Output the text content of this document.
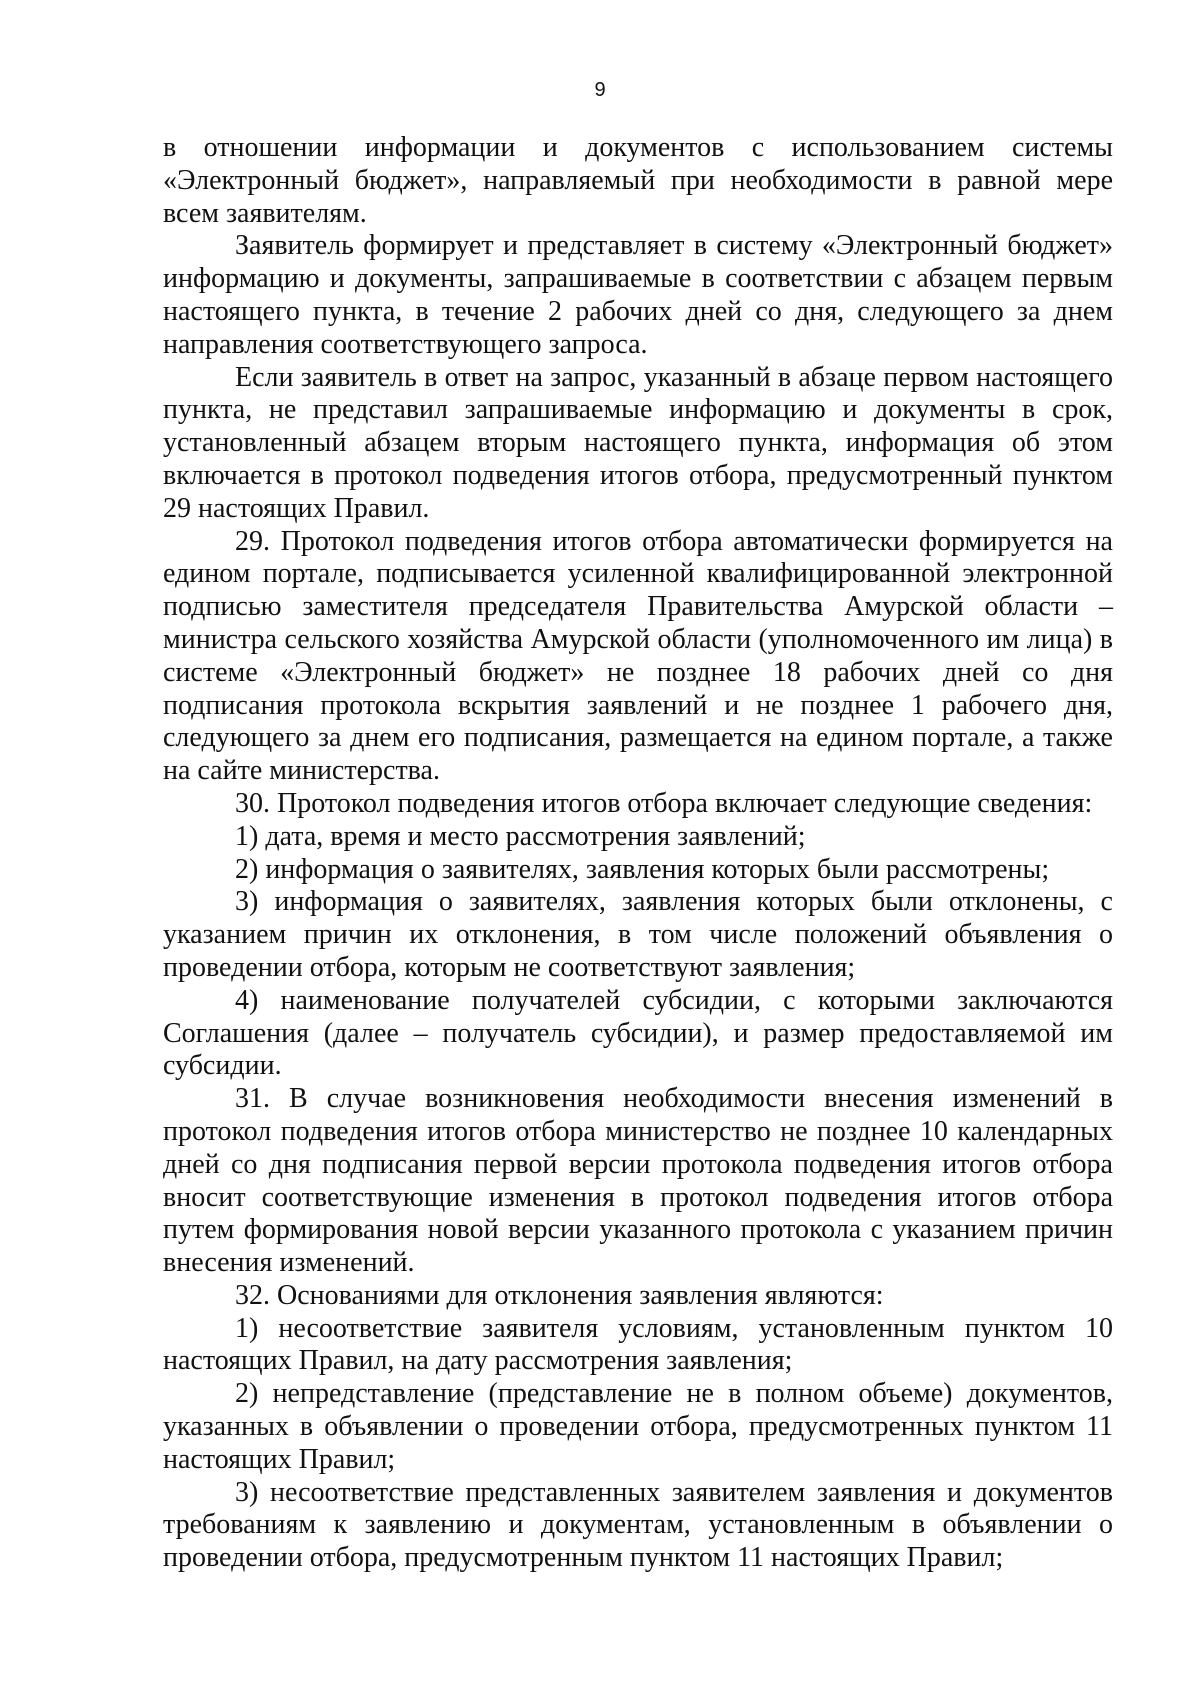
9

в отношении информации и документов с использованием системы «Электронный бюджет», направляемый при необходимости в равной мере всем заявителям.

Заявитель формирует и представляет в систему «Электронный бюджет» информацию и документы, запрашиваемые в соответствии с абзацем первым настоящего пункта, в течение 2 рабочих дней со дня, следующего за днем направления соответствующего запроса.

Если заявитель в ответ на запрос, указанный в абзаце первом настоящего пункта, не представил запрашиваемые информацию и документы в срок, установленный абзацем вторым настоящего пункта, информация об этом включается в протокол подведения итогов отбора, предусмотренный пунктом 29 настоящих Правил.

29. Протокол подведения итогов отбора автоматически формируется на едином портале, подписывается усиленной квалифицированной электронной подписью заместителя председателя Правительства Амурской области – министра сельского хозяйства Амурской области (уполномоченного им лица) в системе «Электронный бюджет» не позднее 18 рабочих дней со дня подписания протокола вскрытия заявлений и не позднее 1 рабочего дня, следующего за днем его подписания, размещается на едином портале, а также на сайте министерства.

30. Протокол подведения итогов отбора включает следующие сведения:

1) дата, время и место рассмотрения заявлений;

2) информация о заявителях, заявления которых были рассмотрены;

3) информация о заявителях, заявления которых были отклонены, с указанием причин их отклонения, в том числе положений объявления о проведении отбора, которым не соответствуют заявления;

4) наименование получателей субсидии, с которыми заключаются Соглашения (далее – получатель субсидии), и размер предоставляемой им субсидии.

31. В случае возникновения необходимости внесения изменений в протокол подведения итогов отбора министерство не позднее 10 календарных дней со дня подписания первой версии протокола подведения итогов отбора вносит соответствующие изменения в протокол подведения итогов отбора путем формирования новой версии указанного протокола с указанием причин внесения изменений.

32. Основаниями для отклонения заявления являются:

1) несоответствие заявителя условиям, установленным пунктом 10 настоящих Правил, на дату рассмотрения заявления;

2) непредставление (представление не в полном объеме) документов, указанных в объявлении о проведении отбора, предусмотренных пунктом 11 настоящих Правил;

3) несоответствие представленных заявителем заявления и документов требованиям к заявлению и документам, установленным в объявлении о проведении отбора, предусмотренным пунктом 11 настоящих Правил;
